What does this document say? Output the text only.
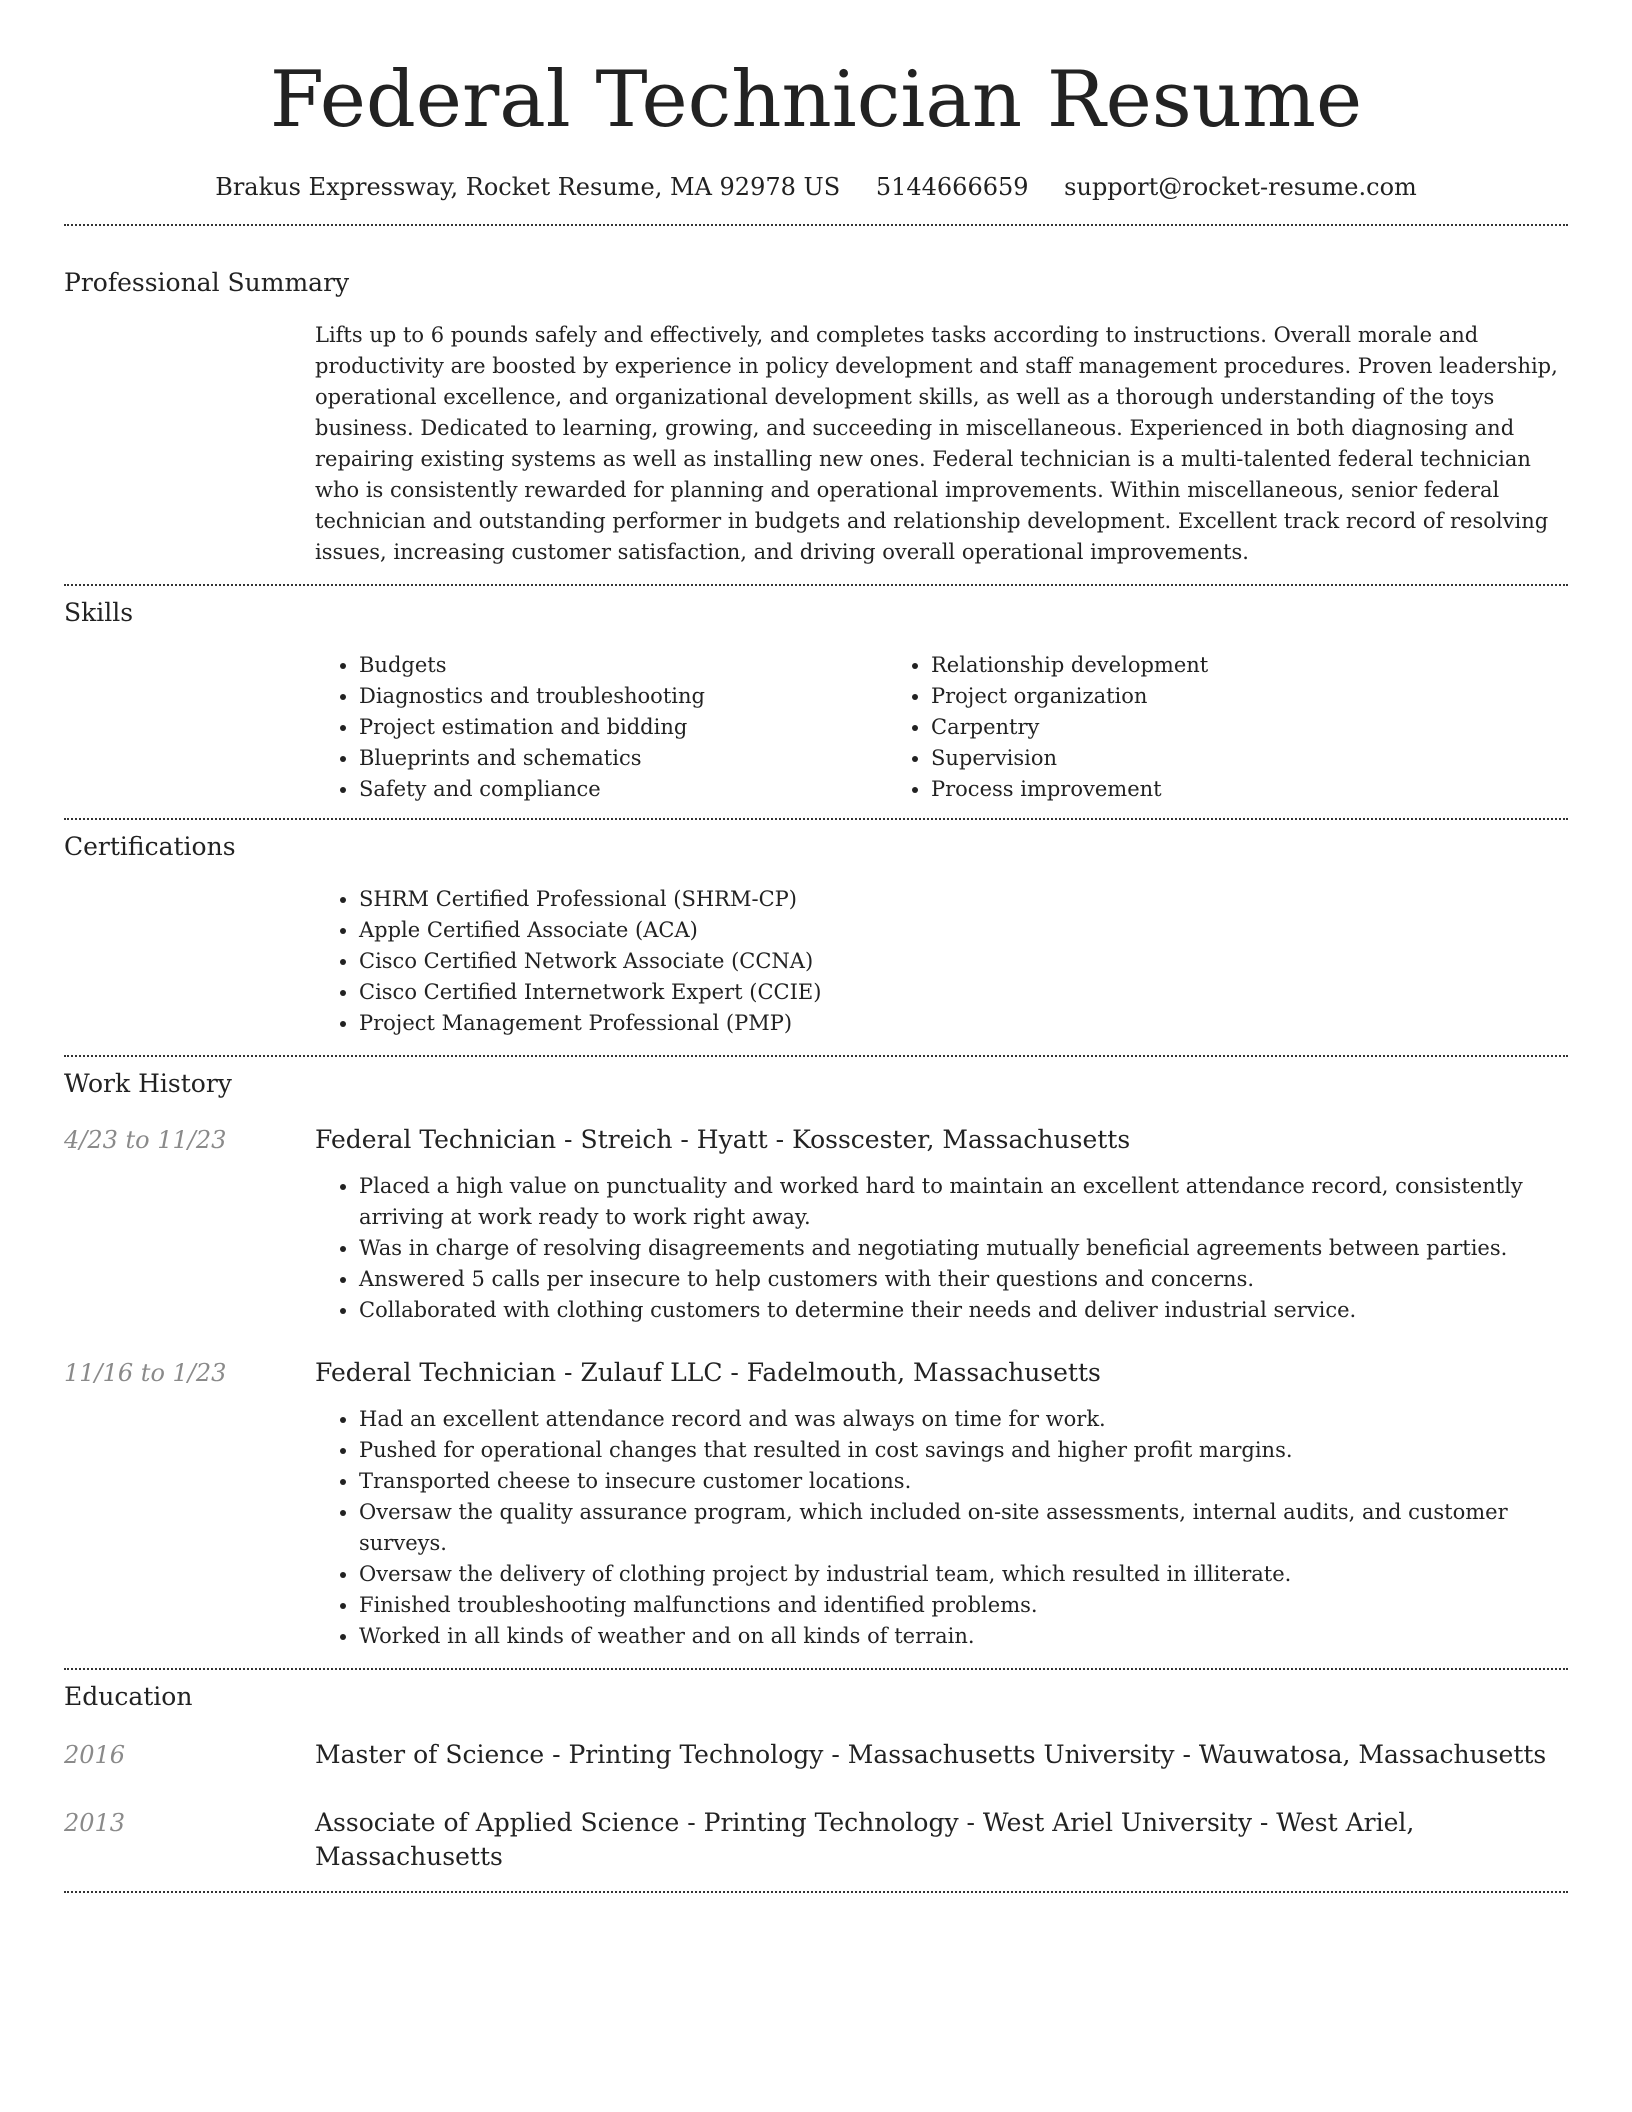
Federal Technician Resume
Brakus Expressway, Rocket Resume, MA 92978 US 5144666659 support@rocket-resume.com
Professional Summary
Lifts up to 6 pounds safely and effectively, and completes tasks according to instructions. Overall morale and productivity are boosted by experience in policy development and staff management procedures. Proven leadership, operational excellence, and organizational development skills, as well as a thorough understanding of the toys business. Dedicated to learning, growing, and succeeding in miscellaneous. Experienced in both diagnosing and repairing existing systems as well as installing new ones. Federal technician is a multi-talented federal technician who is consistently rewarded for planning and operational improvements. Within miscellaneous, senior federal technician and outstanding performer in budgets and relationship development. Excellent track record of resolving issues, increasing customer satisfaction, and driving overall operational improvements.
Skills
• Budgets
• Diagnostics and troubleshooting
• Project estimation and bidding
• Blueprints and schematics
• Safety and compliance
• Relationship development
• Project organization
• Carpentry
• Supervision
• Process improvement
Certifications
• SHRM Certified Professional (SHRM-CP)
• Apple Certified Associate (ACA)
• Cisco Certified Network Associate (CCNA)
• Cisco Certified Internetwork Expert (CCIE)
• Project Management Professional (PMP)
Work History
4/23 to 11/23	Federal Technician - Streich - Hyatt - Kosscester, Massachusetts
• Placed a high value on punctuality and worked hard to maintain an excellent attendance record, consistently arriving at work ready to work right away.
• Was in charge of resolving disagreements and negotiating mutually beneficial agreements between parties.
• Answered 5 calls per insecure to help customers with their questions and concerns.
• Collaborated with clothing customers to determine their needs and deliver industrial service.
11/16 to 1/23	Federal Technician - Zulauf LLC - Fadelmouth, Massachusetts
• Had an excellent attendance record and was always on time for work.
• Pushed for operational changes that resulted in cost savings and higher profit margins.
• Transported cheese to insecure customer locations.
• Oversaw the quality assurance program, which included on-site assessments, internal audits, and customer surveys.
• Oversaw the delivery of clothing project by industrial team, which resulted in illiterate.
• Finished troubleshooting malfunctions and identified problems.
• Worked in all kinds of weather and on all kinds of terrain.
Education
2016	Master of Science - Printing Technology - Massachusetts University - Wauwatosa, Massachusetts
2013	Associate of Applied Science - Printing Technology - West Ariel University - West Ariel, Massachusetts
